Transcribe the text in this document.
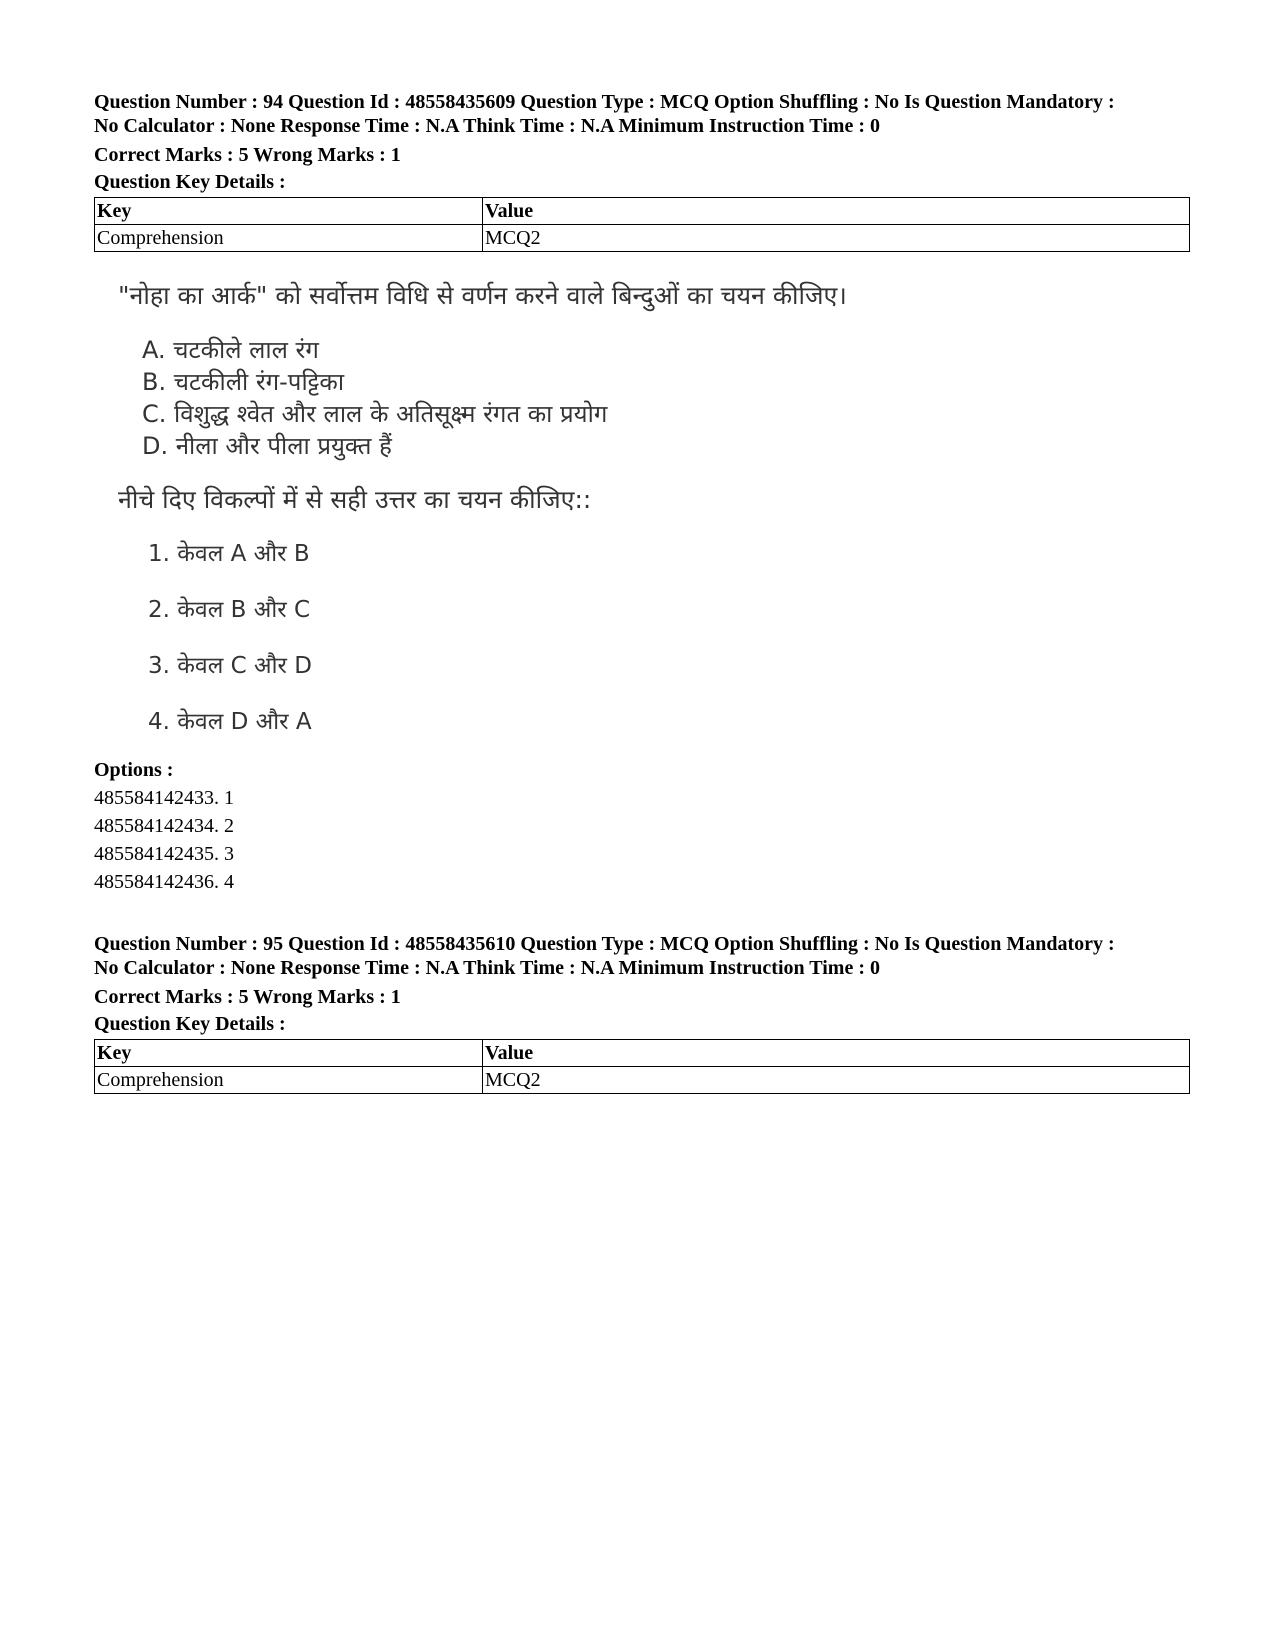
Question Number : 94 Question Id : 48558435609 Question Type : MCQ Option Shuffling : No Is Question Mandatory :
No Calculator : None Response Time : N.A Think Time : N.A Minimum Instruction Time : 0
Correct Marks : 5 Wrong Marks : 1
Question Key Details :
Key	Value
Comprehension	MCQ2
"नोहा का आर्क" को सर्वोत्तम विधि से वर्णन करने वाले बिन्दुओं का चयन कीजिए।
A. चटकीले लाल रंग
B. चटकीली रंग-पट्टिका
C. विशुद्ध श्वेत और लाल के अतिसूक्ष्म रंगत का प्रयोग
D. नीला और पीला प्रयुक्त हैं
नीचे दिए विकल्पों में से सही उत्तर का चयन कीजिए::
1. केवल A और B
2. केवल B और C
3. केवल C और D
4. केवल D और A
Options :
485584142433. 1
485584142434. 2
485584142435. 3
485584142436. 4
Question Number : 95 Question Id : 48558435610 Question Type : MCQ Option Shuffling : No Is Question Mandatory :
No Calculator : None Response Time : N.A Think Time : N.A Minimum Instruction Time : 0
Correct Marks : 5 Wrong Marks : 1
Question Key Details :
Key	Value
Comprehension	MCQ2
